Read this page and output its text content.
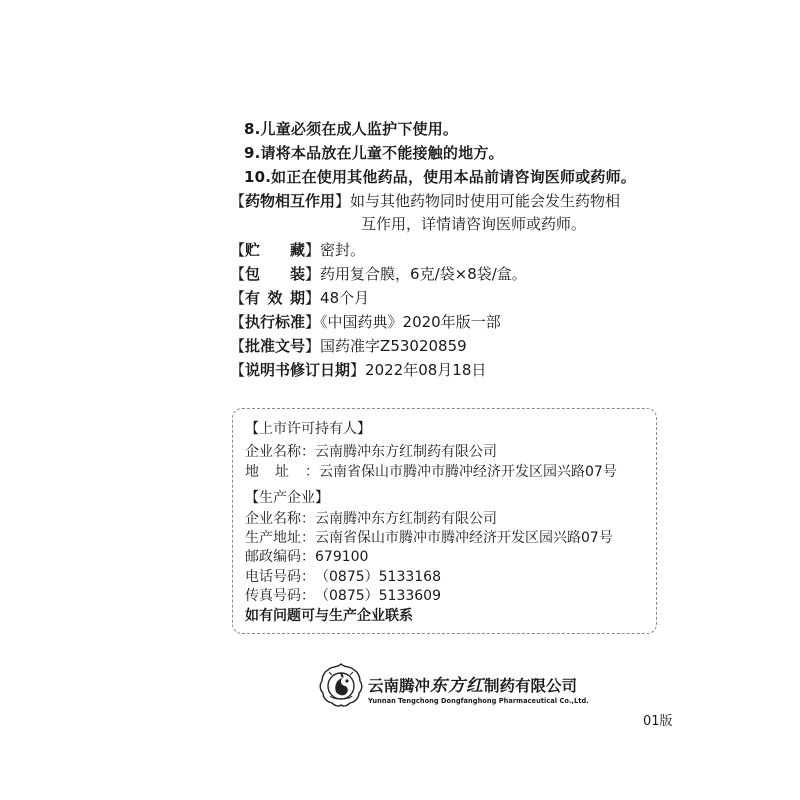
8.儿童必须在成人监护下使用。
9.请将本品放在儿童不能接触的地方。
10.如正在使用其他药品，使用本品前请咨询医师或药师。
【药物相互作用】如与其他药物同时使用可能会发生药物相
互作用，详情请咨询医师或药师。
【贮藏】密封。
【包装】药用复合膜，6克/袋×8袋/盒。
【有效期】48个月
【执行标准】《中国药典》2020年版一部
【批准文号】国药准字Z53020859
【说明书修订日期】2022年08月18日
【上市许可持有人】
企业名称：云南腾冲东方红制药有限公司
地址：云南省保山市腾冲市腾冲经济开发区园兴路07号
【生产企业】
企业名称：云南腾冲东方红制药有限公司
生产地址：云南省保山市腾冲市腾冲经济开发区园兴路07号
邮政编码：679100
电话号码：（0875）5133168
传真号码：（0875）5133609
如有问题可与生产企业联系
云南腾冲东方红制药有限公司
Yunnan Tengchong Dongfanghong Pharmaceutical Co.,Ltd.
01版
